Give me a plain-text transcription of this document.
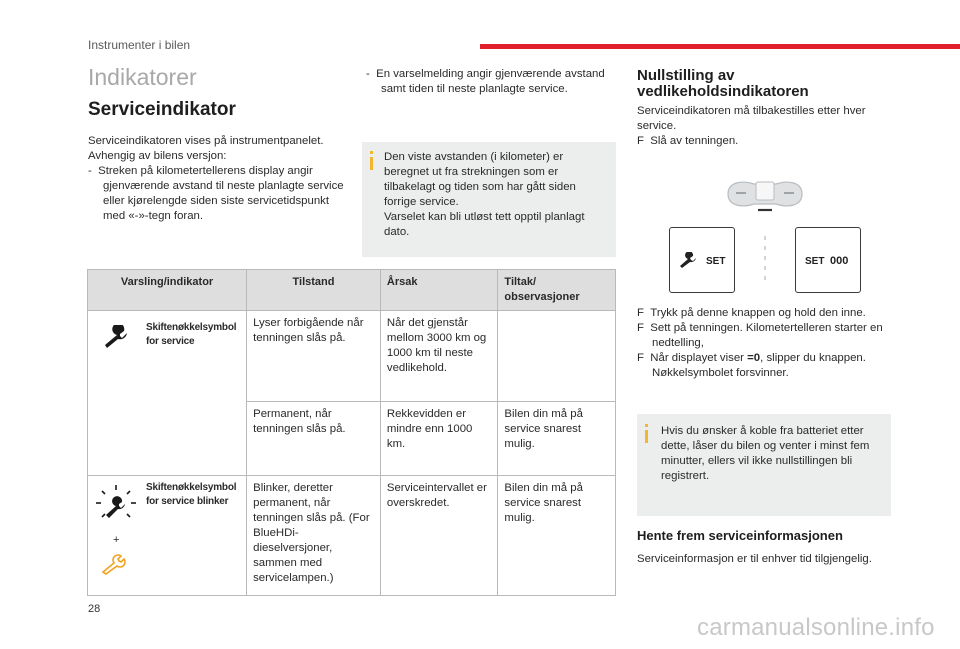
Instrumenter i bilen
Indikatorer
Serviceindikator
Serviceindikatoren vises på instrumentpanelet. Avhengig av bilens versjon:
-  Streken på kilometertellerens display angir gjenværende avstand til neste planlagte service eller kjørelengde siden siste servicetidspunkt med «-»-tegn foran.
-  En varselmelding angir gjenværende avstand samt tiden til neste planlagte service.
Den viste avstanden (i kilometer) er beregnet ut fra strekningen som er tilbakelagt og tiden som har gått siden forrige service.
Varselet kan bli utløst tett opptil planlagt dato.
Varsling/indikator	Tilstand	Årsak	Tiltak/ observasjoner

Skiftenøkkelsymbol for service	Lyser forbigående når tenningen slås på.	Når det gjenstår mellom 3000 km og 1000 km til neste vedlikehold.	
	Permanent, når tenningen slås på.	Rekkevidden er mindre enn 1000 km.	Bilen din må på service snarest mulig.

+
Skiftenøkkelsymbol for service blinker	Blinker, deretter permanent, når tenningen slås på. (For BlueHDi-dieselversjoner, sammen med servicelampen.)	Serviceintervallet er overskredet.	Bilen din må på service snarest mulig.
Nullstilling av vedlikeholdsindikatoren
Serviceindikatoren må tilbakestilles etter hver service.
F  Slå av tenningen.
SET	SET 000
F  Trykk på denne knappen og hold den inne.
F  Sett på tenningen. Kilometertelleren starter en nedtelling,
F  Når displayet viser =0, slipper du knappen. Nøkkelsymbolet forsvinner.
Hvis du ønsker å koble fra batteriet etter dette, låser du bilen og venter i minst fem minutter, ellers vil ikke nullstillingen bli registrert.
Hente frem serviceinformasjonen
Serviceinformasjon er til enhver tid tilgjengelig.
28
carmanualsonline.info
